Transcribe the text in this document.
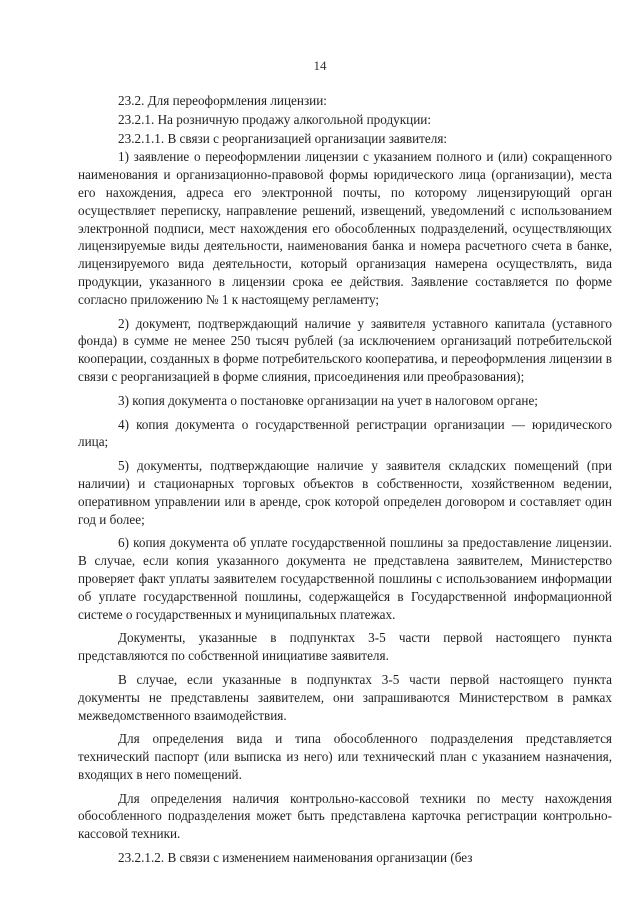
14

23.2. Для переоформления лицензии:

23.2.1. На розничную продажу алкогольной продукции:

23.2.1.1. В связи с реорганизацией организации заявителя:

1) заявление о переоформлении лицензии с указанием полного и (или) сокращенного наименования и организационно-правовой формы юридического лица (организации), места его нахождения, адреса его электронной почты, по которому лицензирующий орган осуществляет переписку, направление решений, извещений, уведомлений с использованием электронной подписи, мест нахождения его обособленных подразделений, осуществляющих лицензируемые виды деятельности, наименования банка и номера расчетного счета в банке, лицензируемого вида деятельности, который организация намерена осуществлять, вида продукции, указанного в лицензии срока ее действия. Заявление составляется по форме согласно приложению № 1 к настоящему регламенту;

2) документ, подтверждающий наличие у заявителя уставного капитала (уставного фонда) в сумме не менее 250 тысяч рублей (за исключением организаций потребительской кооперации, созданных в форме потребительского кооператива, и переоформления лицензии в связи с реорганизацией в форме слияния, присоединения или преобразования);

3) копия документа о постановке организации на учет в налоговом органе;

4) копия документа о государственной регистрации организации — юридического лица;

5) документы, подтверждающие наличие у заявителя складских помещений (при наличии) и стационарных торговых объектов в собственности, хозяйственном ведении, оперативном управлении или в аренде, срок которой определен договором и составляет один год и более;

6) копия документа об уплате государственной пошлины за предоставление лицензии. В случае, если копия указанного документа не представлена заявителем, Министерство проверяет факт уплаты заявителем государственной пошлины с использованием информации об уплате государственной пошлины, содержащейся в Государственной информационной системе о государственных и муниципальных платежах.

Документы, указанные в подпунктах 3-5 части первой настоящего пункта представляются по собственной инициативе заявителя.

В случае, если указанные в подпунктах 3-5 части первой настоящего пункта документы не представлены заявителем, они запрашиваются Министерством в рамках межведомственного взаимодействия.

Для определения вида и типа обособленного подразделения представляется технический паспорт (или выписка из него) или технический план с указанием назначения, входящих в него помещений.

Для определения наличия контрольно-кассовой техники по месту нахождения обособленного подразделения может быть представлена карточка регистрации контрольно-кассовой техники.

23.2.1.2. В связи с изменением наименования организации (без
